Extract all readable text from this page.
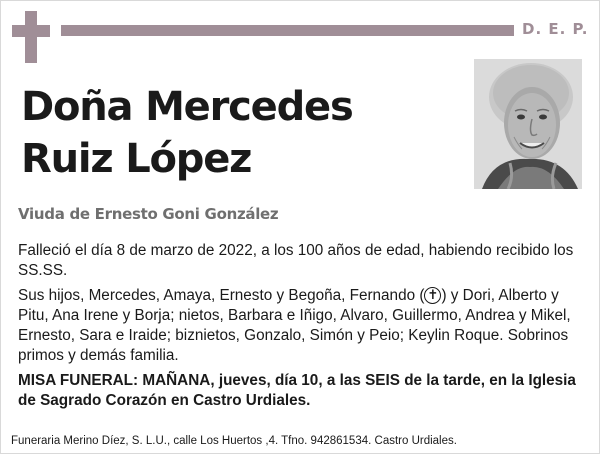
D. E. P.
Doña Mercedes
Ruiz López
Viuda de Ernesto Goni González

Falleció el día 8 de marzo de 2022, a los 100 años de edad, habiendo recibido los SS.SS.

Sus hijos, Mercedes, Amaya, Ernesto y Begoña, Fernando ( ✝ ) y Dori, Alberto y Pitu, Ana Irene y Borja; nietos, Barbara e Iñigo, Alvaro, Guillermo, Andrea y Mikel, Ernesto, Sara e Iraide; biznietos, Gonzalo, Simón y Peio; Keylin Roque. Sobrinos primos y demás familia.

MISA FUNERAL: MAÑANA, jueves, día 10, a las SEIS de la tarde, en la Iglesia de Sagrado Corazón en Castro Urdiales.

Funeraria Merino Díez, S. L.U., calle Los Huertos ,4. Tfno. 942861534. Castro Urdiales.
